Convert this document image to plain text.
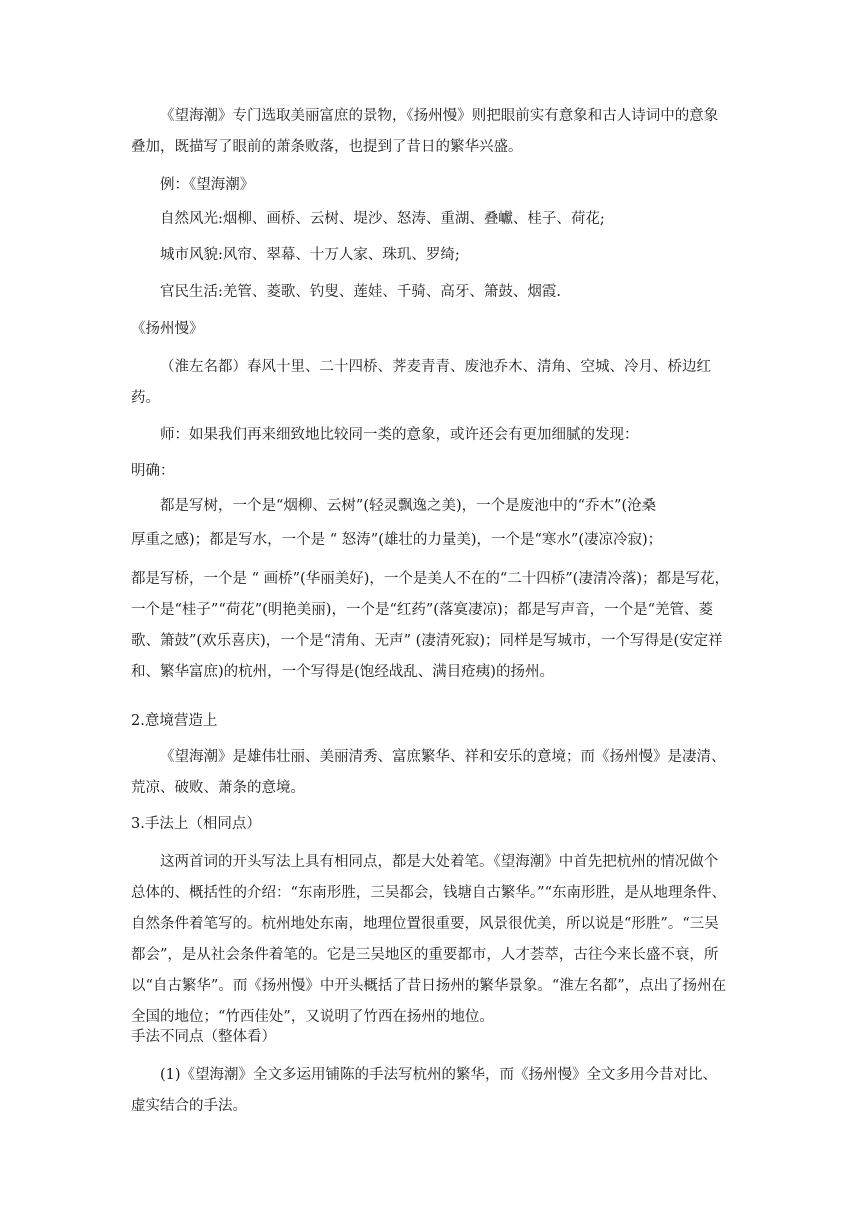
《望海潮》专门选取美丽富庶的景物，《扬州慢》则把眼前实有意象和古人诗词中的意象叠加，既描写了眼前的萧条败落，也提到了昔日的繁华兴盛。

例：《望海潮》

自然风光:烟柳、画桥、云树、堤沙、怒涛、重湖、叠巘、桂子、荷花;

城市风貌:风帘、翠幕、十万人家、珠玑、罗绮;

官民生活:羌管、菱歌、钓叟、莲娃、千骑、高牙、箫鼓、烟霞.

《扬州慢》

（淮左名都）春风十里、二十四桥、荠麦青青、废池乔木、清角、空城、冷月、桥边红药。

师：如果我们再来细致地比较同一类的意象，或许还会有更加细腻的发现：

明确：

都是写树，一个是“烟柳、云树”(轻灵飘逸之美)，一个是废池中的“乔木”(沧桑

厚重之感)；都是写水，一个是 “ 怒涛”(雄壮的力量美)，一个是“寒水”(凄凉冷寂)；

都是写桥，一个是 “ 画桥”(华丽美好)，一个是美人不在的“二十四桥”(凄清冷落)；都是写花，一个是“桂子”“荷花”(明艳美丽)，一个是“红药”(落寞凄凉)；都是写声音，一个是“羌管、菱歌、箫鼓”(欢乐喜庆)，一个是“清角、无声” (凄清死寂)；同样是写城市，一个写得是(安定祥和、繁华富庶)的杭州，一个写得是(饱经战乱、满目疮痍)的扬州。

2.意境营造上

《望海潮》是雄伟壮丽、美丽清秀、富庶繁华、祥和安乐的意境；而《扬州慢》是凄清、荒凉、破败、萧条的意境。

3.手法上（相同点）

这两首词的开头写法上具有相同点，都是大处着笔。《望海潮》中首先把杭州的情况做个总体的、概括性的介绍：“东南形胜，三吴都会，钱塘自古繁华。”“东南形胜，是从地理条件、自然条件着笔写的。杭州地处东南，地理位置很重要，风景很优美，所以说是“形胜”。“三吴都会”，是从社会条件着笔的。它是三吴地区的重要都市，人才荟萃，古往今来长盛不衰，所以“自古繁华”。而《扬州慢》中开头概括了昔日扬州的繁华景象。“淮左名都”，点出了扬州在全国的地位；“竹西佳处”，又说明了竹西在扬州的地位。

手法不同点（整体看）

(1)《望海潮》全文多运用铺陈的手法写杭州的繁华，而《扬州慢》全文多用今昔对比、虚实结合的手法。
